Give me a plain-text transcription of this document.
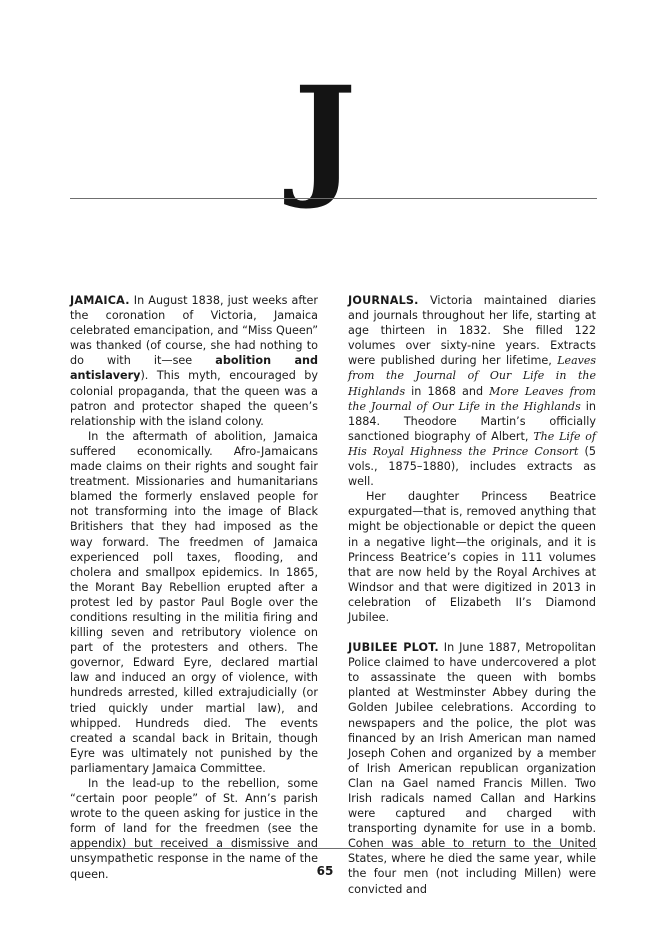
J

JAMAICA. In August 1838, just weeks after the coronation of Victoria, Jamaica celebrated emancipation, and “Miss Queen” was thanked (of course, she had nothing to do with it—see abolition and antislavery). This myth, encouraged by colonial propaganda, that the queen was a patron and protector shaped the queen’s relationship with the island colony.

In the aftermath of abolition, Jamaica suffered economically. Afro-Jamaicans made claims on their rights and sought fair treatment. Missionaries and humanitarians blamed the formerly enslaved people for not transforming into the image of Black Britishers that they had imposed as the way forward. The freedmen of Jamaica experienced poll taxes, flooding, and cholera and smallpox epidemics. In 1865, the Morant Bay Rebellion erupted after a protest led by pastor Paul Bogle over the conditions resulting in the militia firing and killing seven and retributory violence on part of the protesters and others. The governor, Edward Eyre, declared martial law and induced an orgy of violence, with hundreds arrested, killed extrajudicially (or tried quickly under martial law), and whipped. Hundreds died. The events created a scandal back in Britain, though Eyre was ultimately not punished by the parliamentary Jamaica Committee.

In the lead-up to the rebellion, some “certain poor people” of St. Ann’s parish wrote to the queen asking for justice in the form of land for the freedmen (see the appendix) but received a dismissive and unsympathetic response in the name of the queen.

JOURNALS. Victoria maintained diaries and journals throughout her life, starting at age thirteen in 1832. She filled 122 volumes over sixty-nine years. Extracts were published during her lifetime, Leaves from the Journal of Our Life in the Highlands in 1868 and More Leaves from the Journal of Our Life in the Highlands in 1884. Theodore Martin’s officially sanctioned biography of Albert, The Life of His Royal Highness the Prince Consort (5 vols., 1875–1880), includes extracts as well.

Her daughter Princess Beatrice expurgated—that is, removed anything that might be objectionable or depict the queen in a negative light—the originals, and it is Princess Beatrice’s copies in 111 volumes that are now held by the Royal Archives at Windsor and that were digitized in 2013 in celebration of Elizabeth II’s Diamond Jubilee.

JUBILEE PLOT. In June 1887, Metropolitan Police claimed to have undercovered a plot to assassinate the queen with bombs planted at Westminster Abbey during the Golden Jubilee celebrations. According to newspapers and the police, the plot was financed by an Irish American man named Joseph Cohen and organized by a member of Irish American republican organization Clan na Gael named Francis Millen. Two Irish radicals named Callan and Harkins were captured and charged with transporting dynamite for use in a bomb. Cohen was able to return to the United States, where he died the same year, while the four men (not including Millen) were convicted and

65
